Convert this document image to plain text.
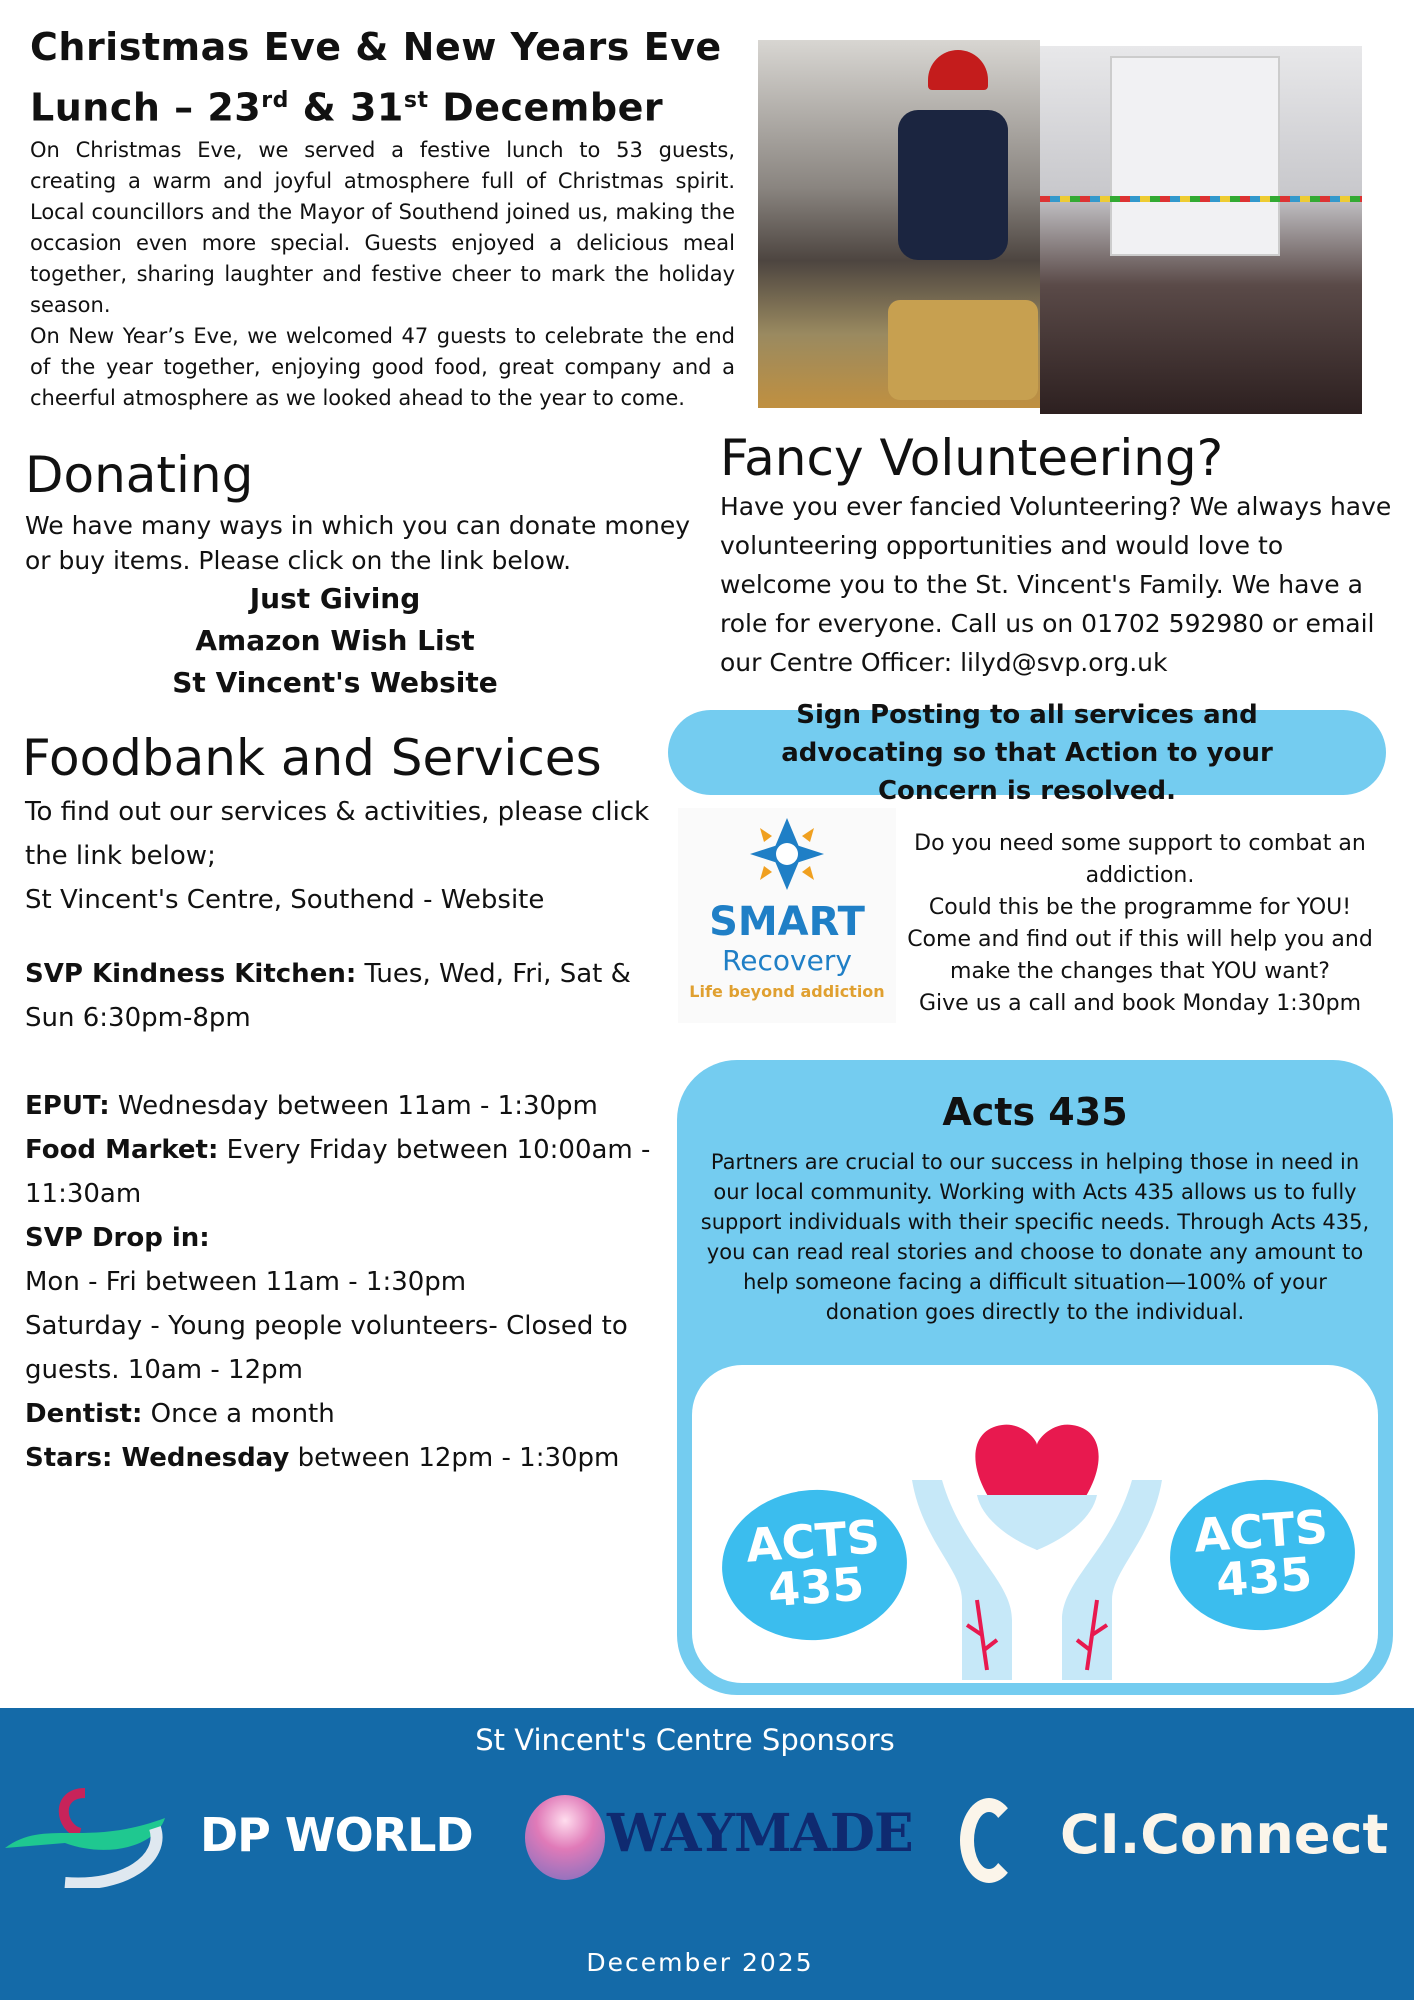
Christmas Eve & New Years Eve
Lunch – 23rd & 31st December

On Christmas Eve, we served a festive lunch to 53 guests, creating a warm and joyful atmosphere full of Christmas spirit. Local councillors and the Mayor of Southend joined us, making the occasion even more special. Guests enjoyed a delicious meal together, sharing laughter and festive cheer to mark the holiday season.

On New Year’s Eve, we welcomed 47 guests to celebrate the end of the year together, enjoying good food, great company and a cheerful atmosphere as we looked ahead to the year to come.

Donating
We have many ways in which you can donate money or buy items. Please click on the link below.
Just Giving
Amazon Wish List
St Vincent's Website
Fancy Volunteering?
Have you ever fancied Volunteering? We always have volunteering opportunities and would love to welcome you to the St. Vincent's Family. We have a role for everyone. Call us on 01702 592980 or email our Centre Officer: lilyd@svp.org.uk
Foodbank and Services
To find out our services & activities, please click the link below;
St Vincent's Centre, Southend - Website
SVP Kindness Kitchen: Tues, Wed, Fri, Sat & Sun 6:30pm-8pm
EPUT: Wednesday between 11am - 1:30pm
Food Market: Every Friday between 10:00am - 11:30am
SVP Drop in:
Mon - Fri between 11am - 1:30pm
Saturday - Young people volunteers- Closed to guests. 10am - 12pm
Dentist: Once a month
Stars: Wednesday between 12pm - 1:30pm
Sign Posting to all services and advocating so that Action to your Concern is resolved.
SMART
Recovery
Life beyond addiction
Do you need some support to combat an addiction.
Could this be the programme for YOU!
Come and find out if this will help you and make the changes that YOU want?
Give us a call and book Monday 1:30pm
Acts 435
Partners are crucial to our success in helping those in need in our local community. Working with Acts 435 allows us to fully support individuals with their specific needs. Through Acts 435, you can read real stories and choose to donate any amount to help someone facing a difficult situation—100% of your donation goes directly to the individual.
ACTS
435
ACTS
435
St Vincent's Centre Sponsors
DP WORLD	WAYMADE	CI.Connect
December 2025
